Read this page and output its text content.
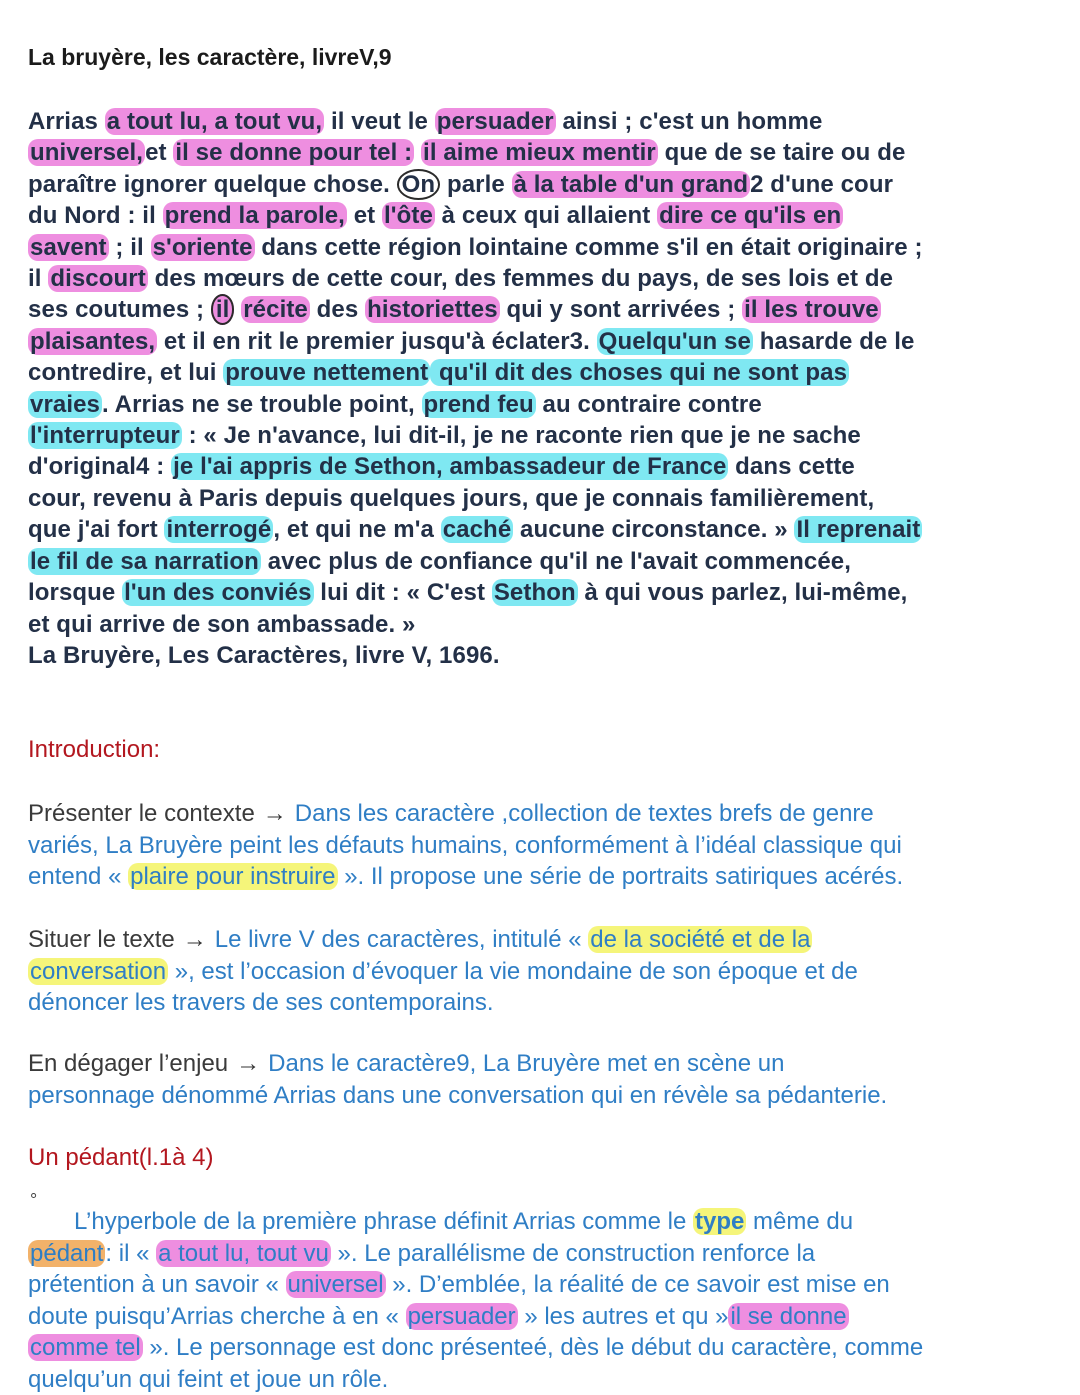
La bruyère, les caractère, livreV,9
Arrias a tout lu, a tout vu, il veut le persuader ainsi ; c'est un homme
universel,et il se donne pour tel : il aime mieux mentir que de se taire ou de
paraître ignorer quelque chose. On parle à la table d'un grand2 d'une cour
du Nord : il prend la parole, et l'ôte à ceux qui allaient dire ce qu'ils en
savent ; il s'oriente dans cette région lointaine comme s'il en était originaire ;
il discourt des mœurs de cette cour, des femmes du pays, de ses lois et de
ses coutumes ; il récite des historiettes qui y sont arrivées ; il les trouve
plaisantes, et il en rit le premier jusqu'à éclater3. Quelqu'un se hasarde de le
contredire, et lui prouve nettement qu'il dit des choses qui ne sont pas
vraies. Arrias ne se trouble point, prend feu au contraire contre
l'interrupteur : « Je n'avance, lui dit-il, je ne raconte rien que je ne sache
d'original4 : je l'ai appris de Sethon, ambassadeur de France dans cette
cour, revenu à Paris depuis quelques jours, que je connais familièrement,
que j'ai fort interrogé, et qui ne m'a caché aucune circonstance. » Il reprenait
le fil de sa narration avec plus de confiance qu'il ne l'avait commencée,
lorsque l'un des conviés lui dit : « C'est Sethon à qui vous parlez, lui-même,
et qui arrive de son ambassade. »
La Bruyère, Les Caractères, livre V, 1696.
Introduction:
Présenter le contexte → Dans les caractère ,collection de textes brefs de genre
variés, La Bruyère peint les défauts humains, conformément à l’idéal classique qui
entend « plaire pour instruire ». Il propose une série de portraits satiriques acérés.
Situer le texte → Le livre V des caractères, intitulé « de la société et de la
conversation », est l’occasion d’évoquer la vie mondaine de son époque et de
dénoncer les travers de ses contemporains.
En dégager l’enjeu → Dans le caractère9, La Bruyère met en scène un
personnage dénommé Arrias dans une conversation qui en révèle sa pédanterie.
Un pédant(l.1à 4)
°
L’hyperbole de la première phrase définit Arrias comme le type même du
pédant: il « a tout lu, tout vu ». Le parallélisme de construction renforce la
prétention à un savoir « universel ». D’emblée, la réalité de ce savoir est mise en
doute puisqu’Arrias cherche à en « persuader » les autres et qu »il se donne
comme tel ». Le personnage est donc présenteé, dès le début du caractère, comme
quelqu’un qui feint et joue un rôle.
